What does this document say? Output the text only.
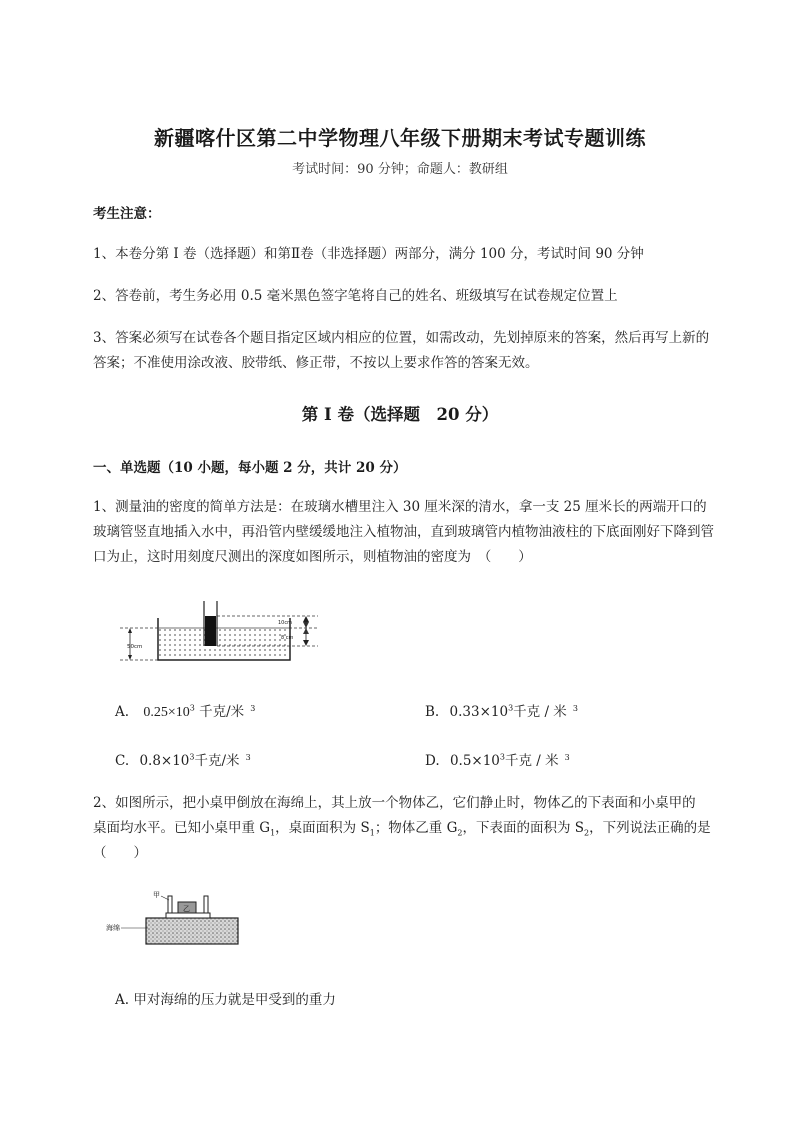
新疆喀什区第二中学物理八年级下册期末考试专题训练
考试时间：90 分钟；命题人：教研组
考生注意：
1、本卷分第 I 卷（选择题）和第Ⅱ卷（非选择题）两部分，满分 100 分，考试时间 90 分钟
2、答卷前，考生务必用 0.5 毫米黑色签字笔将自己的姓名、班级填写在试卷规定位置上
3、答案必须写在试卷各个题目指定区域内相应的位置，如需改动，先划掉原来的答案，然后再写上新的答案；不准使用涂改液、胶带纸、修正带，不按以上要求作答的答案无效。
第 I 卷（选择题　20 分）
一、单选题（10 小题，每小题 2 分，共计 20 分）
1、测量油的密度的简单方法是：在玻璃水槽里注入 30 厘米深的清水，拿一支 25 厘米长的两端开口的玻璃管竖直地插入水中，再沿管内壁缓缓地注入植物油，直到玻璃管内植物油液柱的下底面刚好下降到管口为止，这时用刻度尺测出的深度如图所示，则植物油的密度为　（　　）
50cm
10cm
8 cm
A. $0.25\times 10^3$ 千克/米 $^3$	B. $0.33\times 10^3$千克 / 米 $^3$
C. $0.8\times 10^3$千克/米 $^3$	D. $0.5\times 10^3$千克 / 米 $^3$
2、如图所示，把小桌甲倒放在海绵上，其上放一个物体乙，它们静止时，物体乙的下表面和小桌甲的
桌面均水平。已知小桌甲重 $G_1$，桌面面积为 $S_1$；物体乙重 $G_2$，下表面的面积为 $S_2$，下列说法正确的是
（　　）
乙
甲
海绵
A. 甲对海绵的压力就是甲受到的重力
